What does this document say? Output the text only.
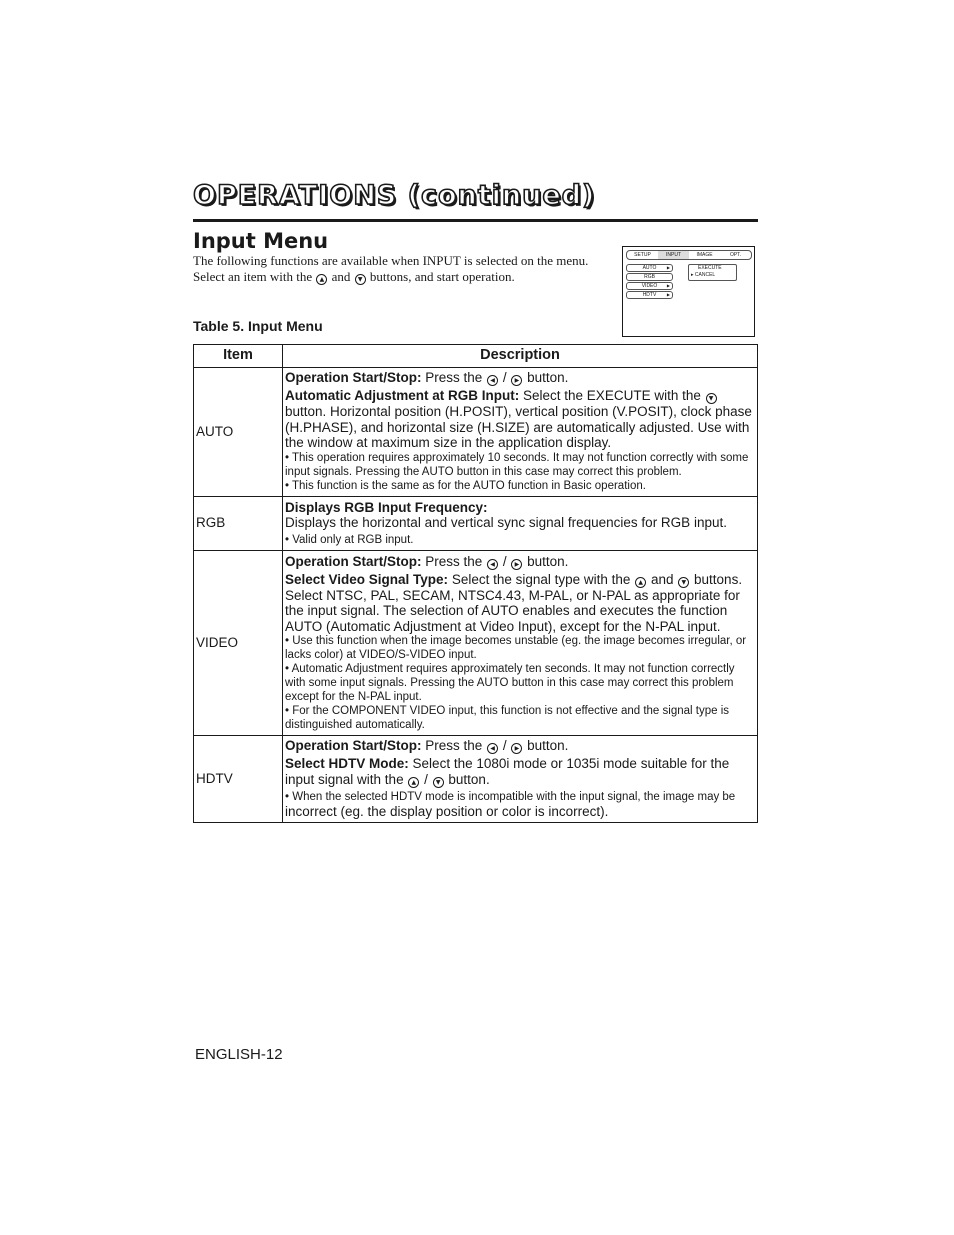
OPERATIONS (continued)
Input Menu
The following functions are available when INPUT is selected on the menu. Select an item with the ▲ and ▼ buttons, and start operation.
SETUP	INPUT	IMAGE	OPT.
AUTO	▶
RGB
VIDEO ▶
HDTV	▶
EXECUTE
▸ CANCEL
Table 5. Input Menu
Item	Description
AUTO	Operation Start/Stop: Press the ◀ / ▶ button.

Automatic Adjustment at RGB Input: Select the EXECUTE with the ▼ button. Horizontal position (H.POSIT), vertical position (V.POSIT), clock phase (H.PHASE), and horizontal size (H.SIZE) are automatically adjusted. Use with the window at maximum size in the application display.

• This operation requires approximately 10 seconds. It may not function correctly with some input signals. Pressing the AUTO button in this case may correct this problem.

• This function is the same as for the AUTO function in Basic operation.

RGB	Displays RGB Input Frequency:

Displays the horizontal and vertical sync signal frequencies for RGB input.

• Valid only at RGB input.

VIDEO	Operation Start/Stop: Press the ◀ / ▶ button.

Select Video Signal Type: Select the signal type with the ▲ and ▼ buttons. Select NTSC, PAL, SECAM, NTSC4.43, M-PAL, or N-PAL as appropriate for the input signal. The selection of AUTO enables and executes the function AUTO (Automatic Adjustment at Video Input), except for the N-PAL input.

• Use this function when the image becomes unstable (eg. the image becomes irregular, or lacks color) at VIDEO/S-VIDEO input.

• Automatic Adjustment requires approximately ten seconds. It may not function correctly with some input signals. Pressing the AUTO button in this case may correct this problem except for the N-PAL input.

• For the COMPONENT VIDEO input, this function is not effective and the signal type is distinguished automatically.

HDTV	Operation Start/Stop: Press the ◀ / ▶ button.

Select HDTV Mode: Select the 1080i mode or 1035i mode suitable for the input signal with the ▲ / ▼ button.

• When the selected HDTV mode is incompatible with the input signal, the image may be incorrect (eg. the display position or color is incorrect).

ENGLISH-12
